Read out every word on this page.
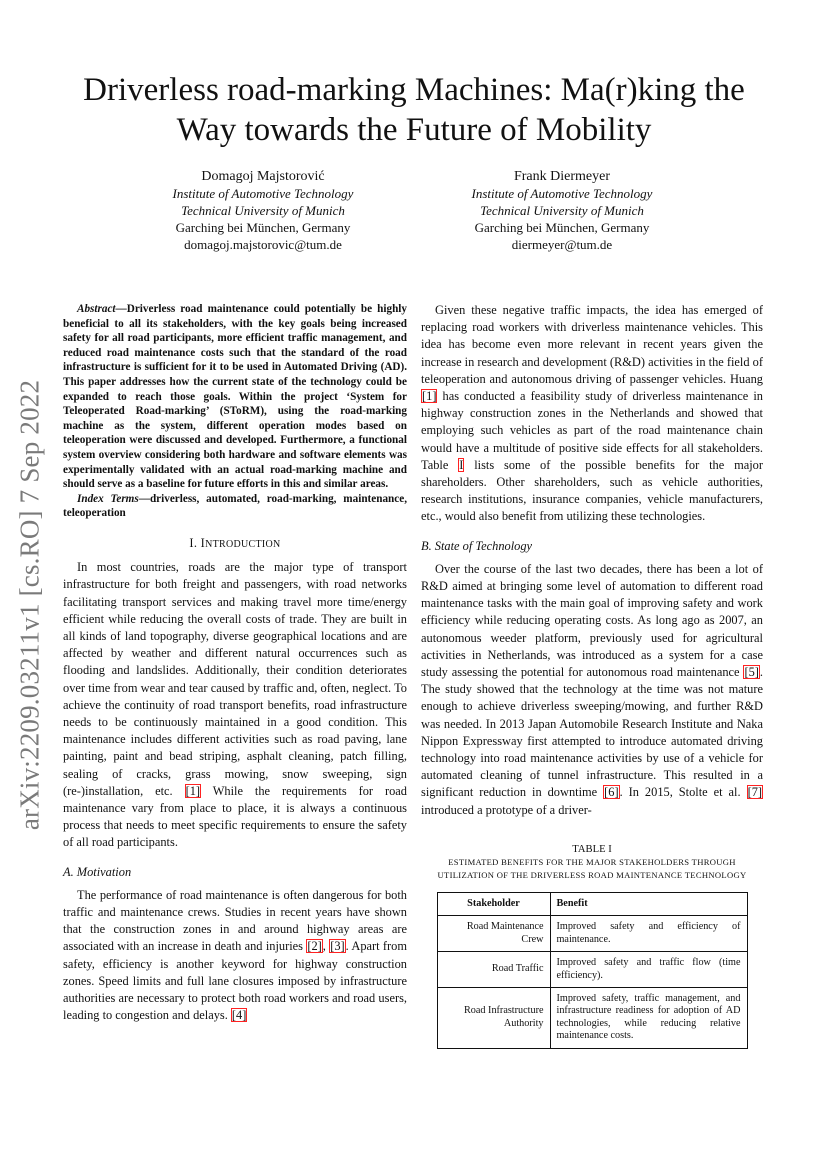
arXiv:2209.03211v1 [cs.RO] 7 Sep 2022
Driverless road-marking Machines: Ma(r)king the Way towards the Future of Mobility
Domagoj Majstorović
Institute of Automotive Technology
Technical University of Munich
Garching bei München, Germany
domagoj.majstorovic@tum.de
Frank Diermeyer
Institute of Automotive Technology
Technical University of Munich
Garching bei München, Germany
diermeyer@tum.de

Abstract—Driverless road maintenance could potentially be highly beneficial to all its stakeholders, with the key goals being increased safety for all road participants, more efficient traffic management, and reduced road maintenance costs such that the standard of the road infrastructure is sufficient for it to be used in Automated Driving (AD). This paper addresses how the current state of the technology could be expanded to reach those goals. Within the project ‘System for Teleoperated Road-marking’ (SToRM), using the road-marking machine as the system, different operation modes based on teleoperation were discussed and developed. Furthermore, a functional system overview considering both hardware and software elements was experimentally validated with an actual road-marking machine and should serve as a baseline for future efforts in this and similar areas.

Index Terms—driverless, automated, road-marking, maintenance, teleoperation

I. INTRODUCTION

In most countries, roads are the major type of transport infrastructure for both freight and passengers, with road networks facilitating transport services and making travel more time/energy efficient while reducing the overall costs of trade. They are built in all kinds of land topography, diverse geographical locations and are affected by weather and different natural occurrences such as flooding and landslides. Additionally, their condition deteriorates over time from wear and tear caused by traffic and, often, neglect. To achieve the continuity of road transport benefits, road infrastructure needs to be continuously maintained in a good condition. This maintenance includes different activities such as road paving, lane painting, paint and bead striping, asphalt cleaning, patch filling, sealing of cracks, grass mowing, snow sweeping, sign (re-)installation, etc. [1] While the requirements for road maintenance vary from place to place, it is always a continuous process that needs to meet specific requirements to ensure the safety of all road participants.

A. Motivation

The performance of road maintenance is often dangerous for both traffic and maintenance crews. Studies in recent years have shown that the construction zones in and around highway areas are associated with an increase in death and injuries [2], [3]. Apart from safety, efficiency is another keyword for highway construction zones. Speed limits and full lane closures imposed by infrastructure authorities are necessary to protect both road workers and road users, leading to congestion and delays. [4]

Given these negative traffic impacts, the idea has emerged of replacing road workers with driverless maintenance vehicles. This idea has become even more relevant in recent years given the increase in research and development (R&D) activities in the field of teleoperation and autonomous driving of passenger vehicles. Huang [1] has conducted a feasibility study of driverless maintenance in highway construction zones in the Netherlands and showed that employing such vehicles as part of the road maintenance chain would have a multitude of positive side effects for all stakeholders. Table I lists some of the possible benefits for the major shareholders. Other shareholders, such as vehicle authorities, research institutions, insurance companies, vehicle manufacturers, etc., would also benefit from utilizing these technologies.

B. State of Technology

Over the course of the last two decades, there has been a lot of R&D aimed at bringing some level of automation to different road maintenance tasks with the main goal of improving safety and work efficiency while reducing operating costs. As long ago as 2007, an autonomous weeder platform, previously used for agricultural activities in Netherlands, was introduced as a system for a case study assessing the potential for autonomous road maintenance [5]. The study showed that the technology at the time was not mature enough to achieve driverless sweeping/mowing, and further R&D was needed. In 2013 Japan Automobile Research Institute and Naka Nippon Expressway first attempted to introduce automated driving technology into road maintenance activities by use of a vehicle for automated cleaning of tunnel infrastructure. This resulted in a significant reduction in downtime [6]. In 2015, Stolte et al. [7] introduced a prototype of a driver-

TABLE I
ESTIMATED BENEFITS FOR THE MAJOR STAKEHOLDERS THROUGH UTILIZATION OF THE DRIVERLESS ROAD MAINTENANCE TECHNOLOGY
Stakeholder	Benefit
Road Maintenance Crew	Improved safety and efficiency of maintenance.
Road Traffic	Improved safety and traffic flow (time efficiency).
Road Infrastructure Authority	Improved safety, traffic management, and infrastructure readiness for adoption of AD technologies, while reducing relative maintenance costs.
